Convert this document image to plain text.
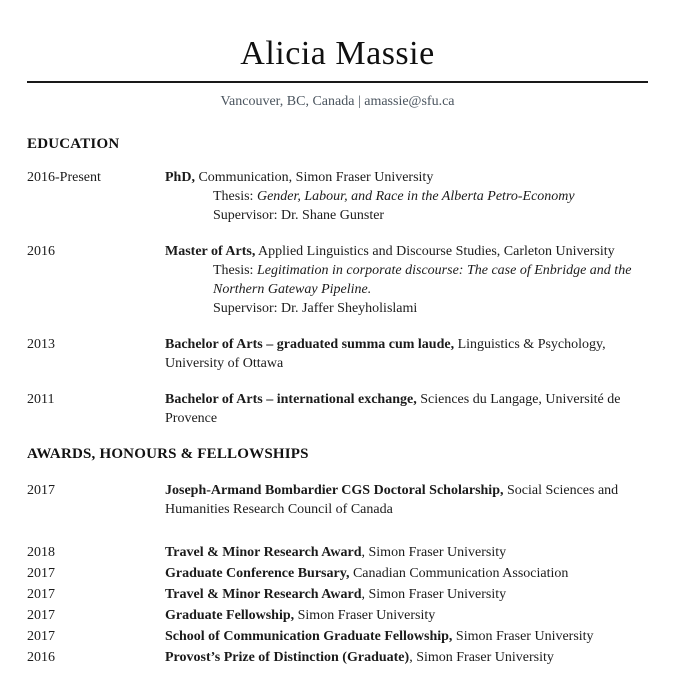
Alicia Massie
Vancouver, BC, Canada | amassie@sfu.ca
EDUCATION
2016-Present	PhD, Communication, Simon Fraser University
Thesis: Gender, Labour, and Race in the Alberta Petro-Economy
Supervisor: Dr. Shane Gunster
2016	Master of Arts, Applied Linguistics and Discourse Studies, Carleton University
Thesis: Legitimation in corporate discourse: The case of Enbridge and the Northern Gateway Pipeline.
Supervisor: Dr. Jaffer Sheyholislami
2013	Bachelor of Arts – graduated summa cum laude, Linguistics & Psychology, University of Ottawa
2011	Bachelor of Arts – international exchange, Sciences du Langage, Université de Provence
AWARDS, HONOURS & FELLOWSHIPS
2017	Joseph-Armand Bombardier CGS Doctoral Scholarship, Social Sciences and Humanities Research Council of Canada
2018	Travel & Minor Research Award, Simon Fraser University
2017	Graduate Conference Bursary, Canadian Communication Association
2017	Travel & Minor Research Award, Simon Fraser University
2017	Graduate Fellowship, Simon Fraser University
2017	School of Communication Graduate Fellowship, Simon Fraser University
2016	Provost’s Prize of Distinction (Graduate), Simon Fraser University
